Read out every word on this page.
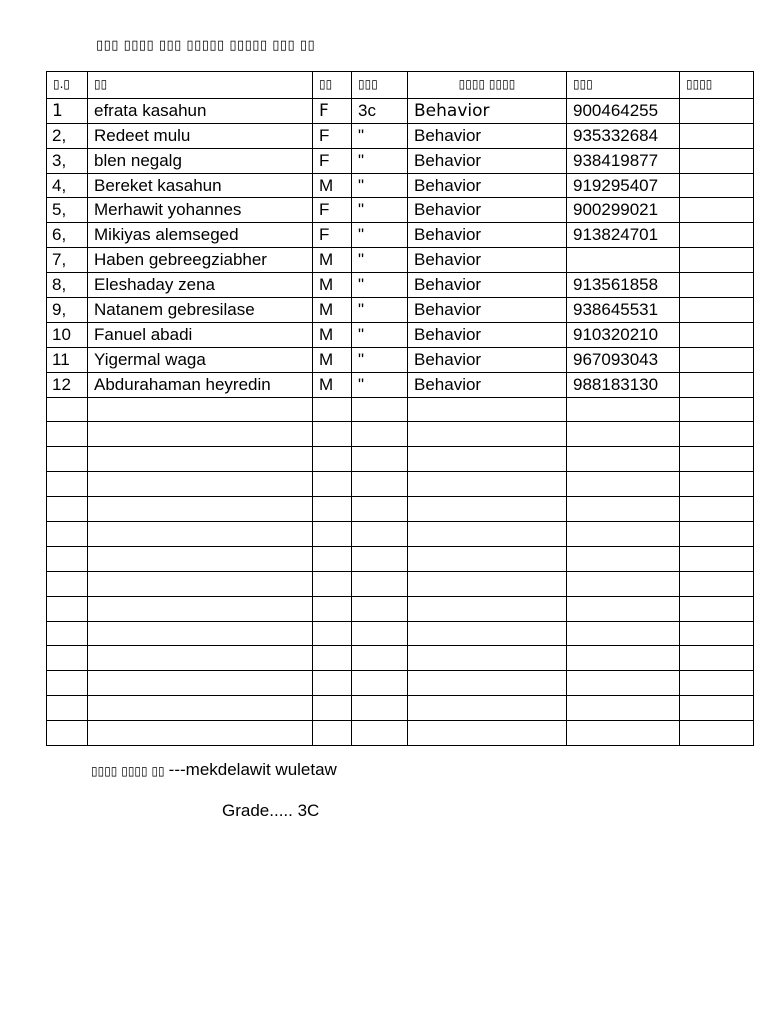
▯▯▯ ▯▯▯▯ ▯▯▯ ▯▯▯▯▯ ▯▯▯▯▯ ▯▯▯ ▯▯
▯.▯	▯▯	▯▯	▯▯▯	▯▯▯▯ ▯▯▯▯	▯▯▯	▯▯▯▯
1	efrata kasahun	F	3c	Behavior	900464255	
2,	Redeet mulu	F	"	Behavior	935332684	
3,	blen negalg	F	"	Behavior	938419877	
4,	Bereket kasahun	M	"	Behavior	919295407	
5,	Merhawit yohannes	F	"	Behavior	900299021	
6,	Mikiyas alemseged	F	"	Behavior	913824701	
7,	Haben gebreegziabher	M	"	Behavior		
8,	Eleshaday zena	M	"	Behavior	913561858	
9,	Natanem gebresilase	M	"	Behavior	938645531	
10	Fanuel abadi	M	"	Behavior	910320210	
11	Yigermal waga	M	"	Behavior	967093043	
12	Abdurahaman heyredin	M	"	Behavior	988183130	

▯▯▯▯ ▯▯▯▯ ▯▯ ---mekdelawit wuletaw
Grade..... 3C
